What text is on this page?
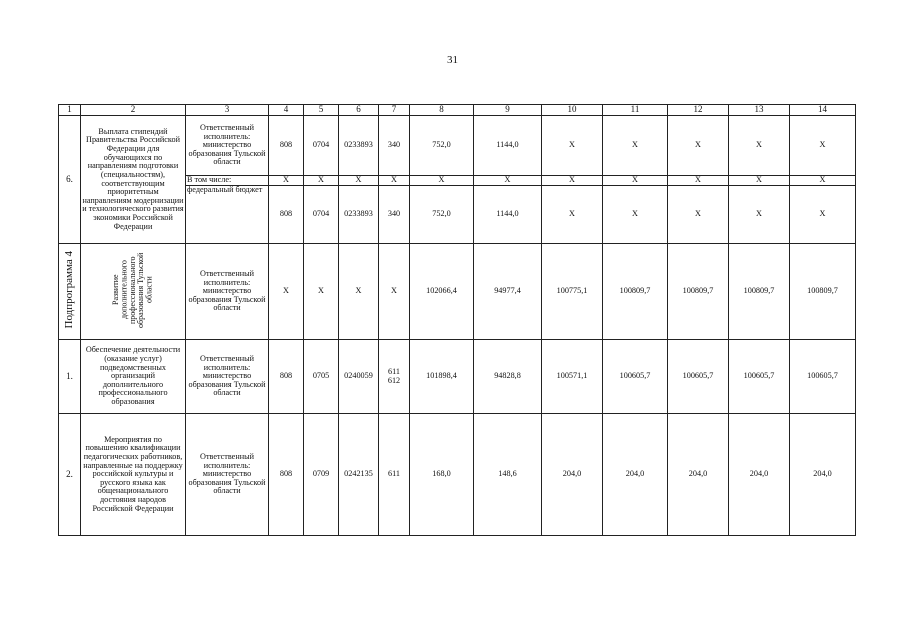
31
1	2	3	4	5	6	7	8	9	10	11	12	13	14
6.	Выплата стипендий Правительства Российской Федерации для обучающихся по направлениям подготовки (специальностям), соответствующим приоритетным направлениям модернизации и технологического развития экономики Российской Федерации	Ответственный исполнитель: министерство образования Тульской области	808	0704	0233893	340	752,0	1144,0	X	X	X	X	X
		В том числе:	X	X	X	X	X	X	X	X	X	X	X
		федеральный бюджет	808	0704	0233893	340	752,0	1144,0	X	X	X	X	X
Подпрограмма 4	Развитие дополнительного профессионального образования Тульской области	Ответственный исполнитель: министерство образования Тульской области	X	X	X	X	102066,4	94977,4	100775,1	100809,7	100809,7	100809,7	100809,7
1.	Обеспечение деятельности (оказание услуг) подведомственных организаций дополнительного профессионального образования	Ответственный исполнитель: министерство образования Тульской области	808	0705	0240059	611
612	101898,4	94828,8	100571,1	100605,7	100605,7	100605,7	100605,7
2.	Мероприятия по повышению квалификации педагогических работников, направленные на поддержку российской культуры и русского языка как общенационального достояния народов Российской Федерации	Ответственный исполнитель: министерство образования Тульской области	808	0709	0242135	611	168,0	148,6	204,0	204,0	204,0	204,0	204,0
